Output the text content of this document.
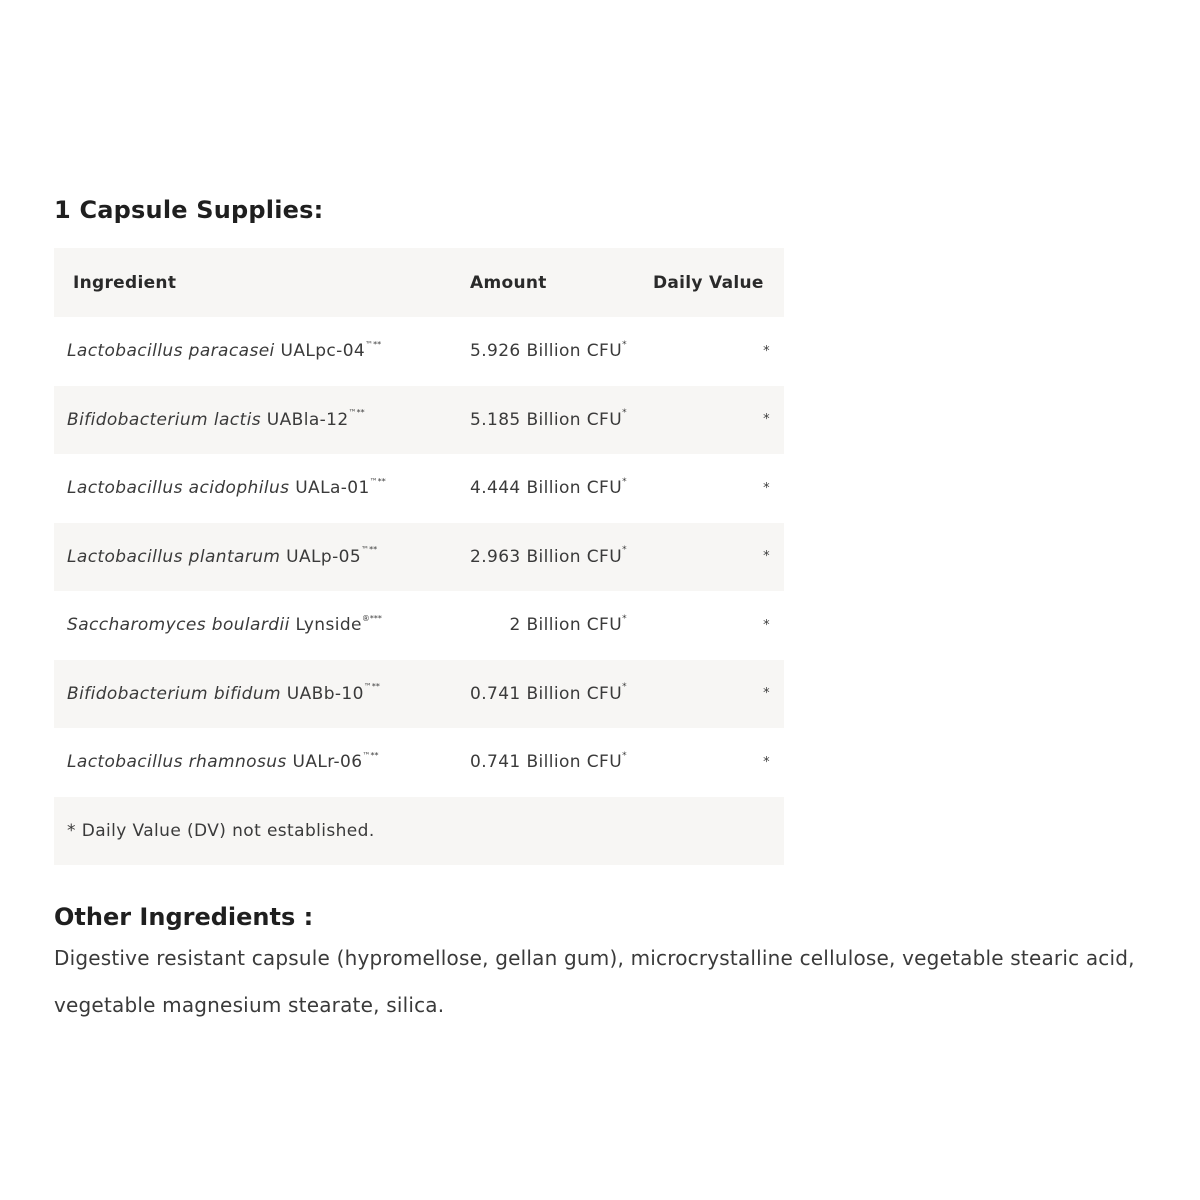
1 Capsule Supplies:
Ingredient	Amount	Daily Value
Lactobacillus paracasei UALpc-04™**	5.926 Billion CFU*	*
Bifidobacterium lactis UABla-12™**	5.185 Billion CFU*	*
Lactobacillus acidophilus UALa-01™**	4.444 Billion CFU*	*
Lactobacillus plantarum UALp-05™**	2.963 Billion CFU*	*
Saccharomyces boulardii Lynside®***	2 Billion CFU*	*
Bifidobacterium bifidum UABb-10™**	0.741 Billion CFU*	*
Lactobacillus rhamnosus UALr-06™**	0.741 Billion CFU*	*
* Daily Value (DV) not established.		
Other Ingredients :

Digestive resistant capsule (hypromellose, gellan gum), microcrystalline cellulose, vegetable stearic acid, vegetable magnesium stearate, silica.
